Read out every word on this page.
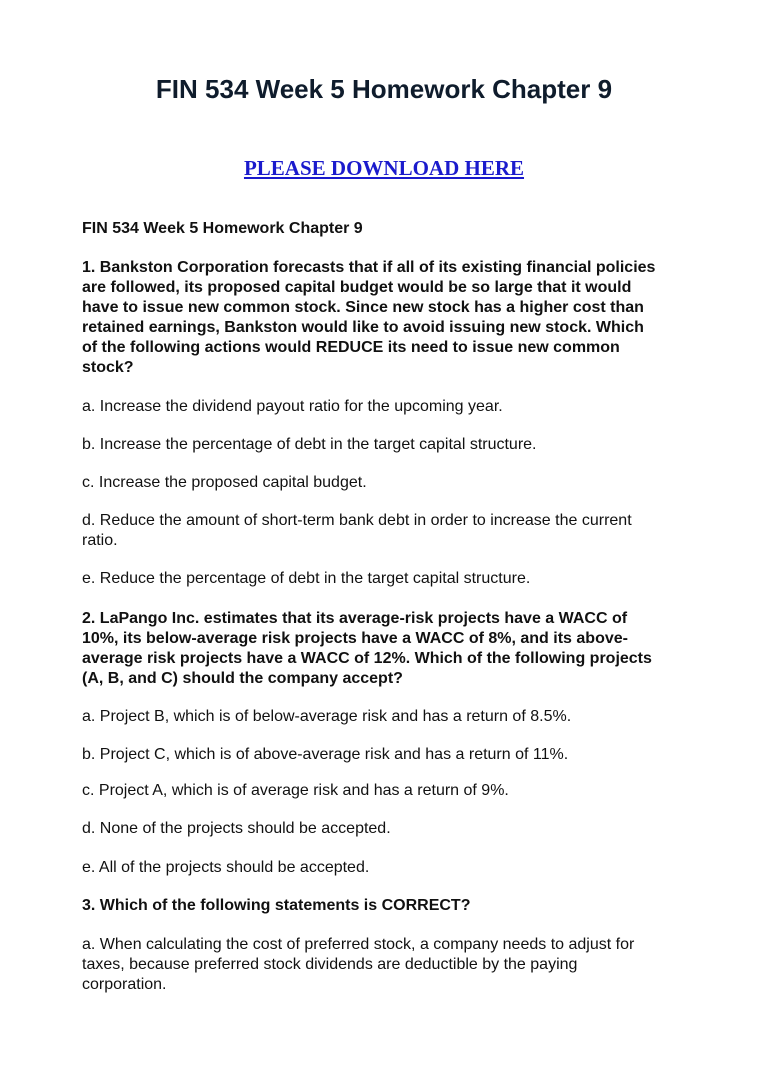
FIN 534 Week 5 Homework Chapter 9
PLEASE DOWNLOAD HERE
FIN 534 Week 5 Homework Chapter 9
1. Bankston Corporation forecasts that if all of its existing financial policies
are followed, its proposed capital budget would be so large that it would
have to issue new common stock. Since new stock has a higher cost than
retained earnings, Bankston would like to avoid issuing new stock. Which
of the following actions would REDUCE its need to issue new common
stock?
a. Increase the dividend payout ratio for the upcoming year.
b. Increase the percentage of debt in the target capital structure.
c. Increase the proposed capital budget.
d. Reduce the amount of short-term bank debt in order to increase the current
ratio.
e. Reduce the percentage of debt in the target capital structure.
2. LaPango Inc. estimates that its average-risk projects have a WACC of
10%, its below-average risk projects have a WACC of 8%, and its above-
average risk projects have a WACC of 12%. Which of the following projects
(A, B, and C) should the company accept?
a. Project B, which is of below-average risk and has a return of 8.5%.
b. Project C, which is of above-average risk and has a return of 11%.
c. Project A, which is of average risk and has a return of 9%.
d. None of the projects should be accepted.
e. All of the projects should be accepted.
3. Which of the following statements is CORRECT?
a. When calculating the cost of preferred stock, a company needs to adjust for
taxes, because preferred stock dividends are deductible by the paying
corporation.
